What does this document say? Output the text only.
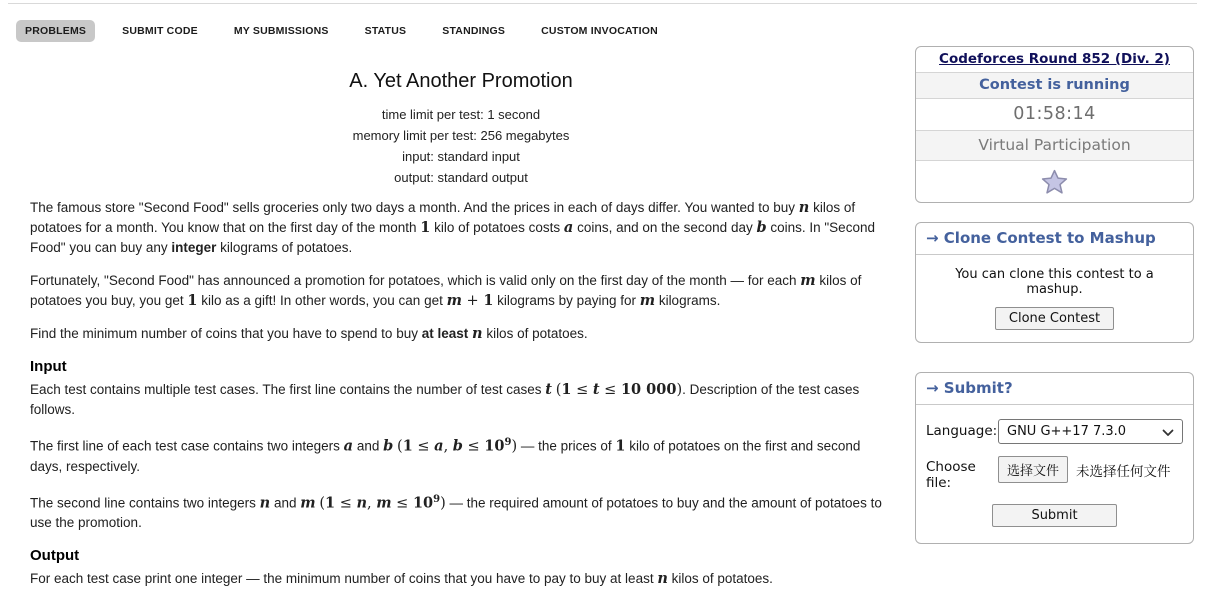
PROBLEMS	SUBMIT CODE	MY SUBMISSIONS	STATUS	STANDINGS	CUSTOM INVOCATION
A. Yet Another Promotion
time limit per test: 1 second
memory limit per test: 256 megabytes
input: standard input
output: standard output

The famous store "Second Food" sells groceries only two days a month. And the prices in each of days differ. You wanted to buy n kilos of potatoes for a month. You know that on the first day of the month 1 kilo of potatoes costs a coins, and on the second day b coins. In "Second Food" you can buy any integer kilograms of potatoes.

Fortunately, "Second Food" has announced a promotion for potatoes, which is valid only on the first day of the month — for each m kilos of potatoes you buy, you get 1 kilo as a gift! In other words, you can get m + 1 kilograms by paying for m kilograms.

Find the minimum number of coins that you have to spend to buy at least n kilos of potatoes.

Input

Each test contains multiple test cases. The first line contains the number of test cases t (1 ≤ t ≤ 10 000). Description of the test cases follows.

The first line of each test case contains two integers a and b (1 ≤ a, $b \le 10^9$) — the prices of 1 kilo of potatoes on the first and second days, respectively.

The second line contains two integers n and m (1 ≤ n, $m \le 10^9$) — the required amount of potatoes to buy and the amount of potatoes to use the promotion.

Output

For each test case print one integer — the minimum number of coins that you have to pay to buy at least n kilos of potatoes.

Codeforces Round 852 (Div. 2)
Contest is running
01:58:14
Virtual Participation
→ Clone Contest to Mashup
You can clone this contest to a mashup.
Clone Contest
→ Submit?
Language: GNU G++17 7.3.0
Choose file:
选择文件	未选择任何文件
Submit
